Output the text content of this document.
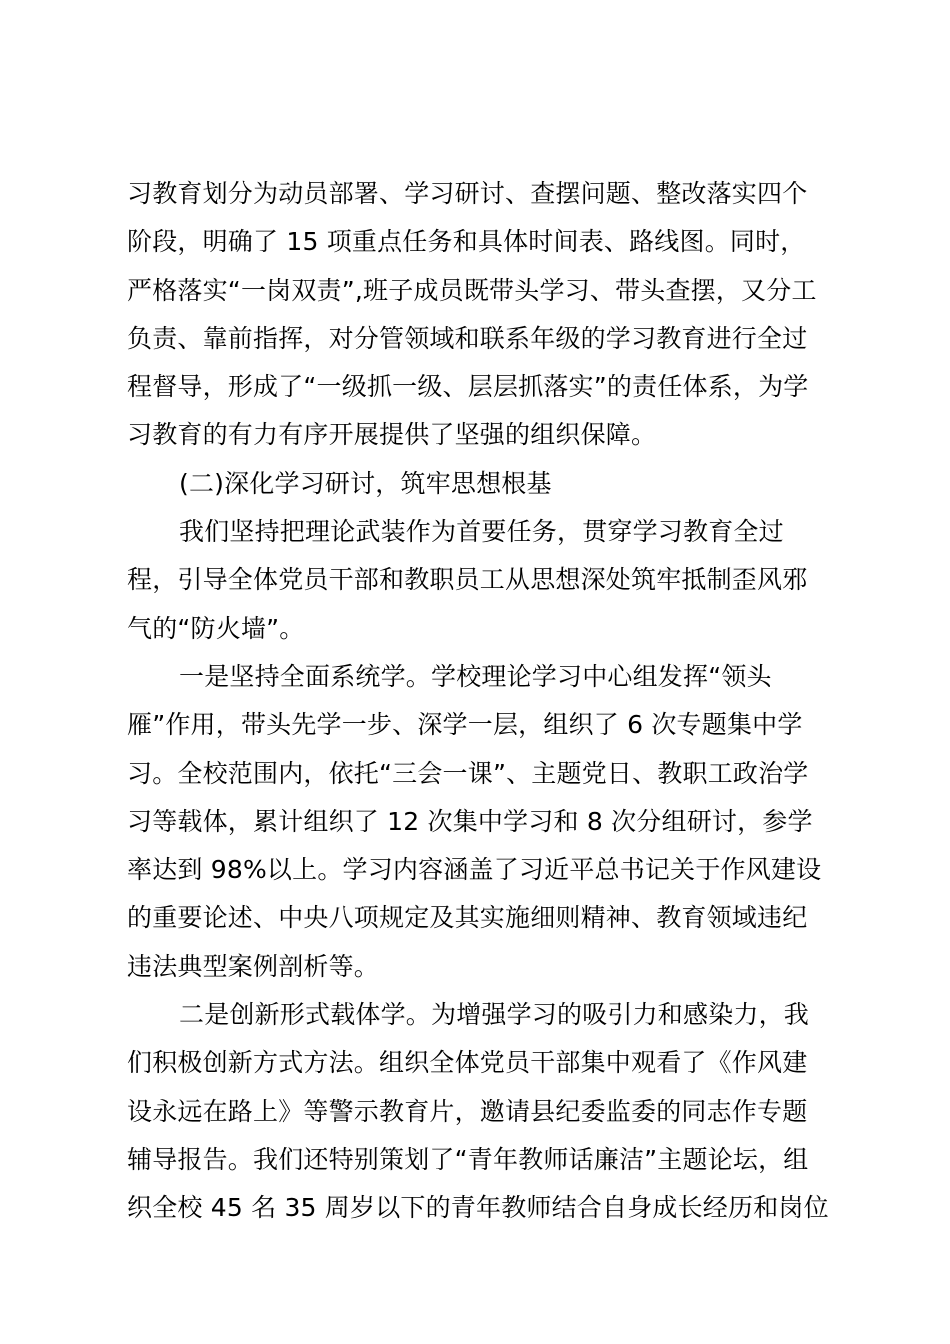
习教育划分为动员部署、学习研讨、查摆问题、整改落实四个
阶段，明确了 15 项重点任务和具体时间表、路线图。同时，
严格落实“一岗双责”,班子成员既带头学习、带头查摆，又分工
负责、靠前指挥，对分管领域和联系年级的学习教育进行全过
程督导，形成了“一级抓一级、层层抓落实”的责任体系，为学
习教育的有力有序开展提供了坚强的组织保障。
(二)深化学习研讨，筑牢思想根基
我们坚持把理论武装作为首要任务，贯穿学习教育全过
程，引导全体党员干部和教职员工从思想深处筑牢抵制歪风邪
气的“防火墙”。
一是坚持全面系统学。学校理论学习中心组发挥“领头
雁”作用，带头先学一步、深学一层，组织了 6 次专题集中学
习。全校范围内，依托“三会一课”、主题党日、教职工政治学
习等载体，累计组织了 12 次集中学习和 8 次分组研讨，参学
率达到 98%以上。学习内容涵盖了习近平总书记关于作风建设
的重要论述、中央八项规定及其实施细则精神、教育领域违纪
违法典型案例剖析等。
二是创新形式载体学。为增强学习的吸引力和感染力，我
们积极创新方式方法。组织全体党员干部集中观看了《作风建
设永远在路上》等警示教育片，邀请县纪委监委的同志作专题
辅导报告。我们还特别策划了“青年教师话廉洁”主题论坛，组
织全校 45 名 35 周岁以下的青年教师结合自身成长经历和岗位
